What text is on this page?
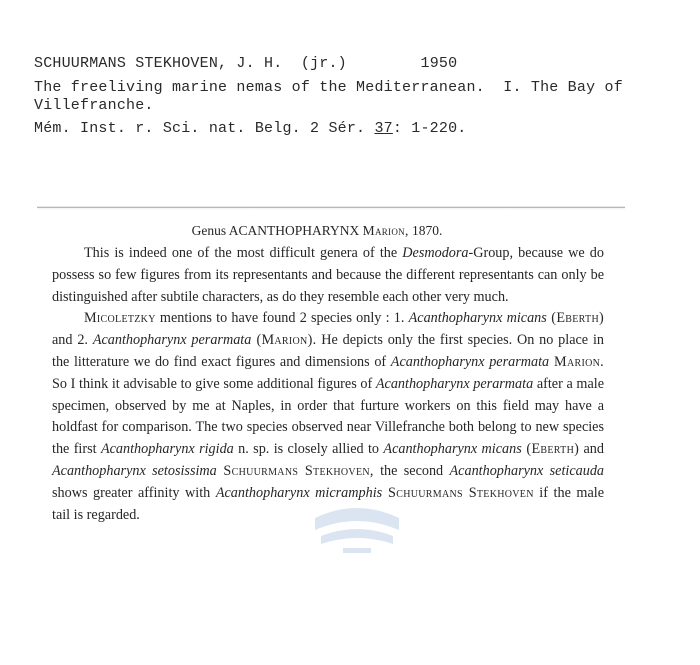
SCHUURMANS STEKHOVEN, J. H. (jr.)	1950
The freeliving marine nemas of the Mediterranean.  I. The Bay of
Villefranche.
Mém. Inst. r. Sci. nat. Belg. 2 Sér. 37: 1-220.
Genus ACANTHOPHARYNX Marion, 1870.

This is indeed one of the most difficult genera of the Desmodora-Group, because we do possess so few figures from its representants and because the different representants can only be distinguished after subtile characters, as do they resemble each other very much.

Micoletzky mentions to have found 2 species only : 1. Acanthopharynx micans (Eberth) and 2. Acanthopharynx perarmata (Marion). He depicts only the first species. On no place in the litterature we do find exact figures and dimensions of Acanthopharynx perarmata Marion. So I think it advisable to give some additional figures of Acanthopharynx perarmata after a male specimen, observed by me at Naples, in order that furture workers on this field may have a holdfast for comparison. The two species observed near Villefranche both belong to new species the first Acanthopharynx rigida n. sp. is closely allied to Acanthopharynx micans (Eberth) and Acanthopharynx setosissima Schuurmans Stekhoven, the second Acanthopharynx seticauda shows greater affinity with Acanthopharynx micramphis Schuurmans Stekhoven if the male tail is regarded.
